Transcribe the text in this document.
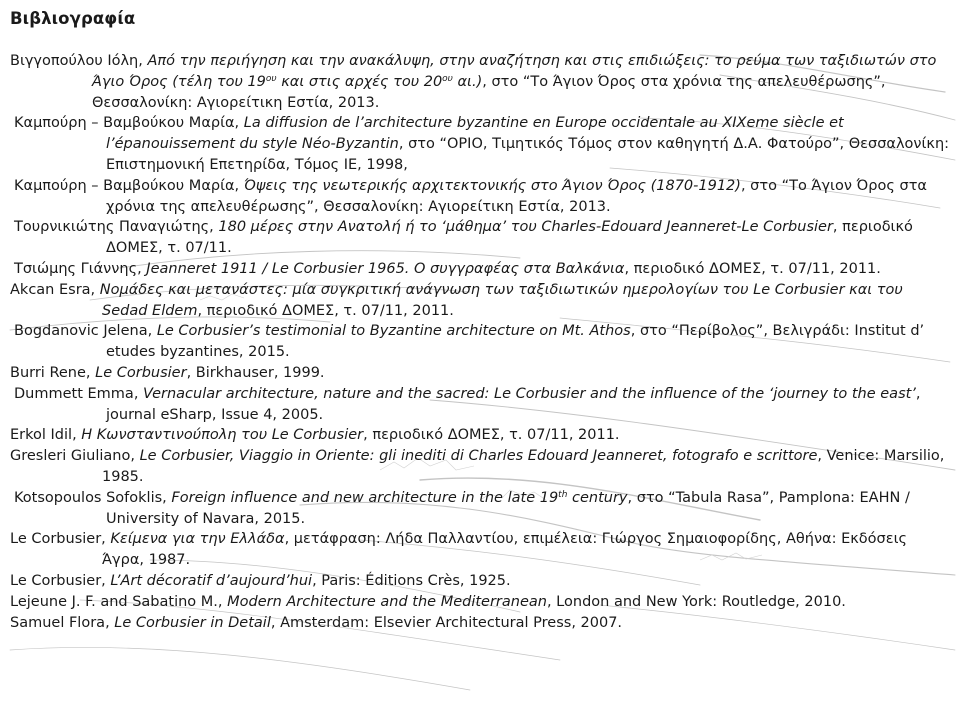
Βιβλιογραφία

Βιγγοπούλου Ιόλη, Από την περιήγηση και την ανακάλυψη, στην αναζήτηση και στις επιδιώξεις: το ρεύμα των ταξιδιωτών στο Άγιο Όρος (τέλη του $19^{o\upsilon}$ και στις αρχές του $20^{o\upsilon}$ αι.), στο “Το Άγιον Όρος στα χρόνια της απελευθέρωσης”, Θεσσαλονίκη: Αγιορείτικη Εστία, 2013.

Καμπούρη – Βαμβούκου Μαρία, La diffusion de l’architecture byzantine en Europe occidentale au XIXeme siècle et l’épanouissement du style Néo-Byzantin, στο “ΟΡΙΟ, Τιμητικός Τόμος στον καθηγητή Δ.Α. Φατούρο”, Θεσσαλονίκη: Επιστημονική Επετηρίδα, Τόμος ΙΕ, 1998,

Καμπούρη – Βαμβούκου Μαρία, Όψεις της νεωτερικής αρχιτεκτονικής στο Άγιον Όρος (1870-1912), στο “Το Άγιον Όρος στα χρόνια της απελευθέρωσης”, Θεσσαλονίκη: Αγιορείτικη Εστία, 2013.

Τουρνικιώτης Παναγιώτης, 180 μέρες στην Ανατολή ή το ‘μάθημα’ του Charles-Edouard Jeanneret-Le Corbusier, περιοδικό ΔΟΜΕΣ, τ. 07/11.

Τσιώμης Γιάννης, Jeanneret 1911 / Le Corbusier 1965. Ο συγγραφέας στα Βαλκάνια, περιοδικό ΔΟΜΕΣ, τ. 07/11, 2011.

Akcan Esra, Νομάδες και μετανάστες: μία συγκριτική ανάγνωση των ταξιδιωτικών ημερολογίων του Le Corbusier και του Sedad Eldem, περιοδικό ΔΟΜΕΣ, τ. 07/11, 2011.

Bogdanovic Jelena, Le Corbusier’s testimonial to Byzantine architecture on Mt. Athos, στο “Περίβολος”, Βελιγράδι: Institut d’ etudes byzantines, 2015.

Burri Rene, Le Corbusier, Birkhauser, 1999.

Dummett Emma, Vernacular architecture, nature and the sacred: Le Corbusier and the influence of the ‘journey to the east’, journal eSharp, Issue 4, 2005.

Erkol Idil, Η Κωνσταντινούπολη του Le Corbusier, περιοδικό ΔΟΜΕΣ, τ. 07/11, 2011.

Gresleri Giuliano, Le Corbusier, Viaggio in Oriente: gli inediti di Charles Edouard Jeanneret, fotografo e scrittore, Venice: Marsilio, 1985.

Kotsopoulos Sofoklis, Foreign influence and new architecture in the late 19th century, στο “Tabula Rasa”, Pamplona: EAHN / University of Navara, 2015.

Le Corbusier, Κείμενα για την Ελλάδα, μετάφραση: Λήδα Παλλαντίου, επιμέλεια: Γιώργος Σημαιοφορίδης, Αθήνα: Εκδόσεις Άγρα, 1987.

Le Corbusier, L’Art décoratif d’aujourd’hui, Paris: Éditions Crès, 1925.

Lejeune J. F. and Sabatino M., Modern Architecture and the Mediterranean, London and New York: Routledge, 2010.

Samuel Flora, Le Corbusier in Detail, Amsterdam: Elsevier Architectural Press, 2007.
